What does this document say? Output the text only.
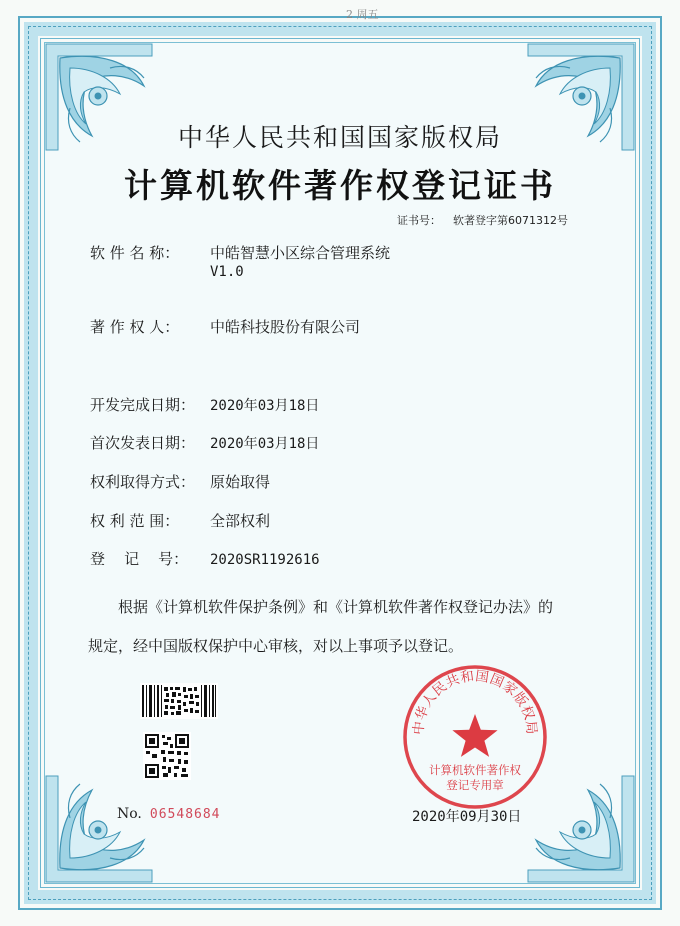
2 周五
中华人民共和国国家版权局
计算机软件著作权登记证书
证书号： 软著登字第6071312号
软 件 名 称： 中皓智慧小区综合管理系统
V1.0
著 作 权 人： 中皓科技股份有限公司
开发完成日期： 2020年03月18日
首次发表日期： 2020年03月18日
权利取得方式： 原始取得
权 利 范 围： 全部权利
登    记    号： 2020SR1192616
根据《计算机软件保护条例》和《计算机软件著作权登记办法》的
规定，经中国版权保护中心审核，对以上事项予以登记。
No. 06548684
中华人民共和国国家版权局
计算机软件著作权
登记专用章
2020年09月30日
